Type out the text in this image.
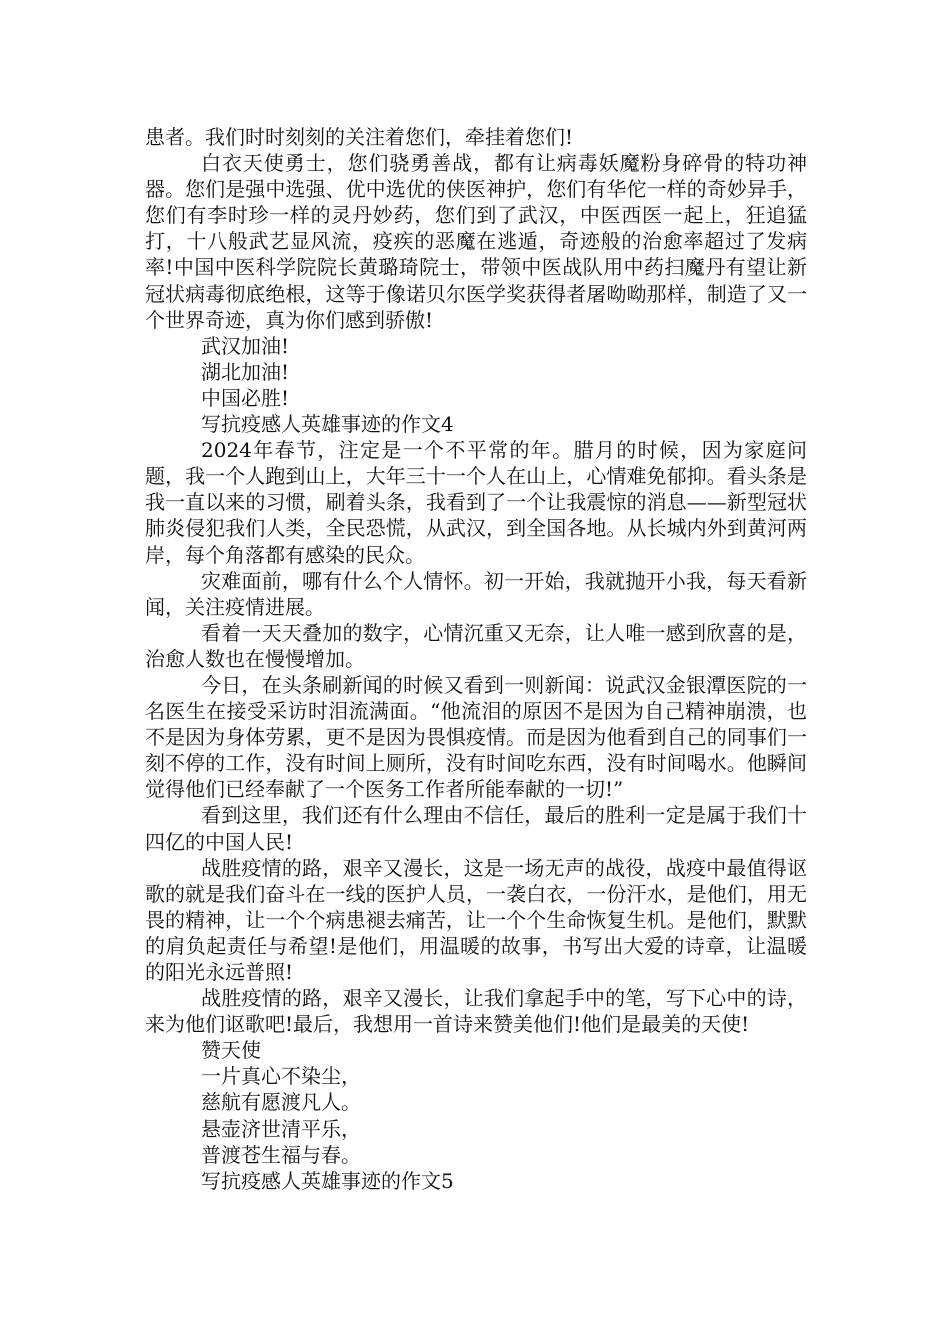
患者。我们时时刻刻的关注着您们，牵挂着您们!

白衣天使勇士，您们骁勇善战，都有让病毒妖魔粉身碎骨的特功神器。您们是强中选强、优中选优的侠医神护，您们有华佗一样的奇妙异手，您们有李时珍一样的灵丹妙药，您们到了武汉，中医西医一起上，狂追猛打，十八般武艺显风流，疫疾的恶魔在逃遁，奇迹般的治愈率超过了发病率!中国中医科学院院长黄璐琦院士，带领中医战队用中药扫魔丹有望让新冠状病毒彻底绝根，这等于像诺贝尔医学奖获得者屠呦呦那样，制造了又一个世界奇迹，真为你们感到骄傲!

武汉加油!

湖北加油!

中国必胜!

写抗疫感人英雄事迹的作文4

2024年春节，注定是一个不平常的年。腊月的时候，因为家庭问题，我一个人跑到山上，大年三十一个人在山上，心情难免郁抑。看头条是我一直以来的习惯，刷着头条，我看到了一个让我震惊的消息——新型冠状肺炎侵犯我们人类，全民恐慌，从武汉，到全国各地。从长城内外到黄河两岸，每个角落都有感染的民众。

灾难面前，哪有什么个人情怀。初一开始，我就抛开小我，每天看新闻，关注疫情进展。

看着一天天叠加的数字，心情沉重又无奈，让人唯一感到欣喜的是，治愈人数也在慢慢增加。

今日，在头条刷新闻的时候又看到一则新闻：说武汉金银潭医院的一名医生在接受采访时泪流满面。“他流泪的原因不是因为自己精神崩溃，也不是因为身体劳累，更不是因为畏惧疫情。而是因为他看到自己的同事们一刻不停的工作，没有时间上厕所，没有时间吃东西，没有时间喝水。他瞬间觉得他们已经奉献了一个医务工作者所能奉献的一切!”

看到这里，我们还有什么理由不信任，最后的胜利一定是属于我们十四亿的中国人民!

战胜疫情的路，艰辛又漫长，这是一场无声的战役，战疫中最值得讴歌的就是我们奋斗在一线的医护人员，一袭白衣，一份汗水，是他们，用无畏的精神，让一个个病患褪去痛苦，让一个个生命恢复生机。是他们，默默的肩负起责任与希望!是他们，用温暖的故事，书写出大爱的诗章，让温暖的阳光永远普照!

战胜疫情的路，艰辛又漫长，让我们拿起手中的笔，写下心中的诗，来为他们讴歌吧!最后，我想用一首诗来赞美他们!他们是最美的天使!

赞天使

一片真心不染尘，

慈航有愿渡凡人。

悬壶济世清平乐，

普渡苍生福与春。

写抗疫感人英雄事迹的作文5
